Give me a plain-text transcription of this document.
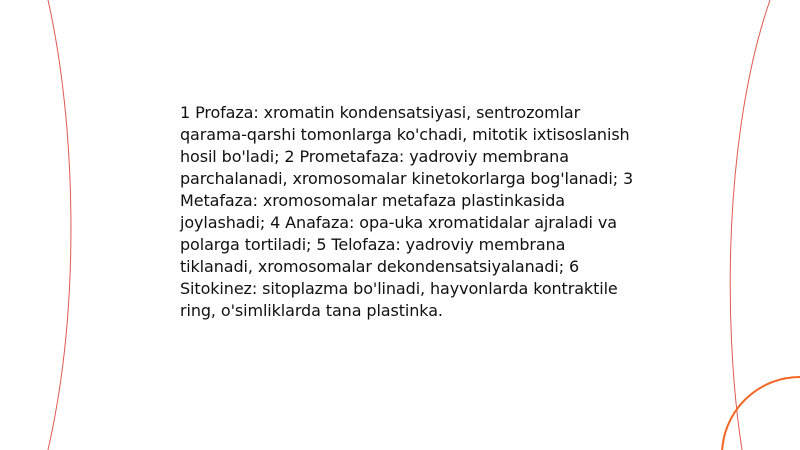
1 Profaza: xromatin kondensatsiyasi, sentrozomlar qarama-qarshi tomonlarga ko'chadi, mitotik ixtisoslanish hosil bo'ladi; 2 Prometafaza: yadroviy membrana parchalanadi, xromosomalar kinetokorlarga bog'lanadi; 3 Metafaza: xromosomalar metafaza plastinkasida joylashadi; 4 Anafaza: opa-uka xromatidalar ajraladi va polarga tortiladi; 5 Telofaza: yadroviy membrana tiklanadi, xromosomalar dekondensatsiyalanadi; 6 Sitokinez: sitoplazma bo'linadi, hayvonlarda kontraktile ring, o'simliklarda tana plastinka.
